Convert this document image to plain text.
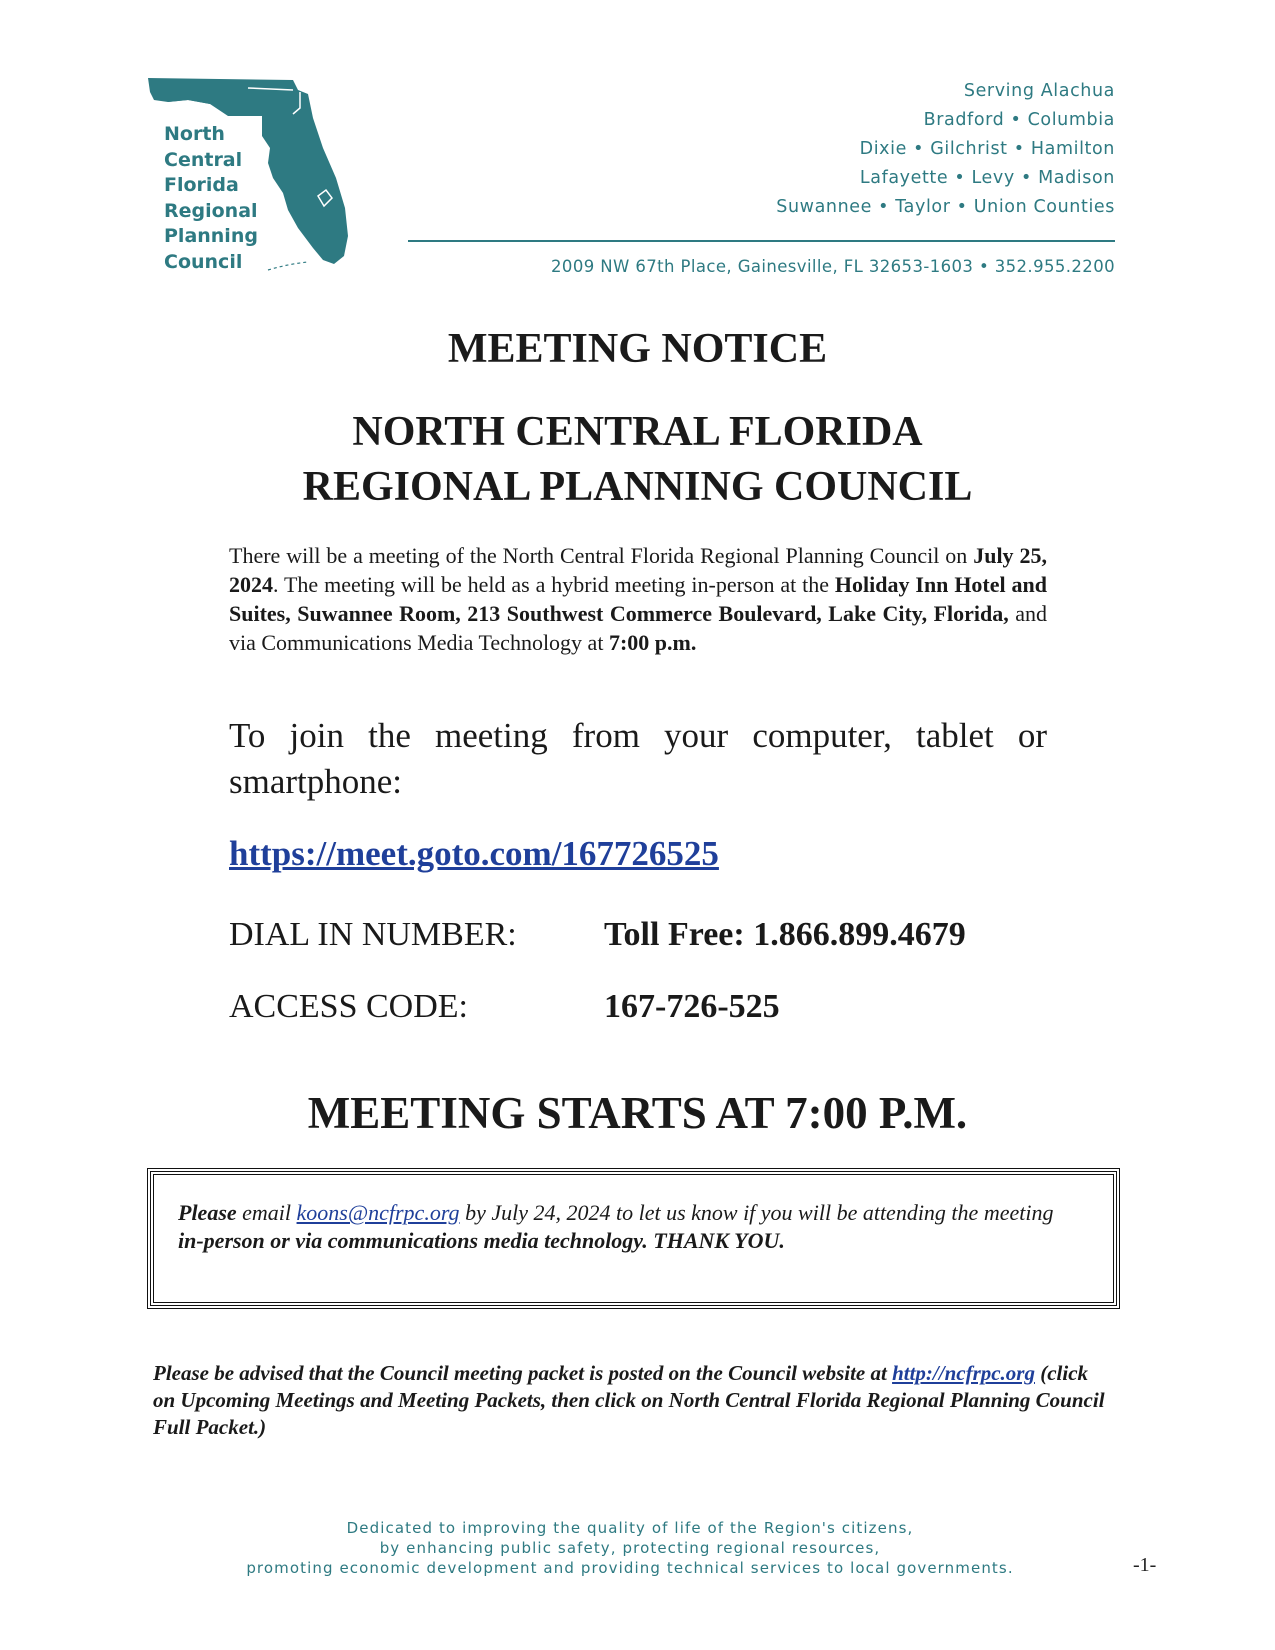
North
Central
Florida
Regional
Planning
Council
Serving Alachua
Bradford • Columbia
Dixie • Gilchrist • Hamilton
Lafayette • Levy • Madison
Suwannee • Taylor • Union Counties
2009 NW 67th Place, Gainesville, FL 32653-1603 • 352.955.2200
MEETING NOTICE
NORTH CENTRAL FLORIDA
REGIONAL PLANNING COUNCIL
There will be a meeting of the North Central Florida Regional Planning Council on July 25, 2024. The meeting will be held as a hybrid meeting in-person at the Holiday Inn Hotel and Suites, Suwannee Room, 213 Southwest Commerce Boulevard, Lake City, Florida, and via Communications Media Technology at 7:00 p.m.
To join the meeting from your computer, tablet or smartphone:
https://meet.goto.com/167726525
DIAL IN NUMBER:	Toll Free: 1.866.899.4679
ACCESS CODE:	167-726-525
MEETING STARTS AT 7:00 P.M.
Please email koons@ncfrpc.org by July 24, 2024 to let us know if you will be attending the meeting in-person or via communications media technology. THANK YOU.
Please be advised that the Council meeting packet is posted on the Council website at http://ncfrpc.org (click on Upcoming Meetings and Meeting Packets, then click on North Central Florida Regional Planning Council Full Packet.)
Dedicated to improving the quality of life of the Region's citizens,
by enhancing public safety, protecting regional resources,
promoting economic development and providing technical services to local governments.	-1-
